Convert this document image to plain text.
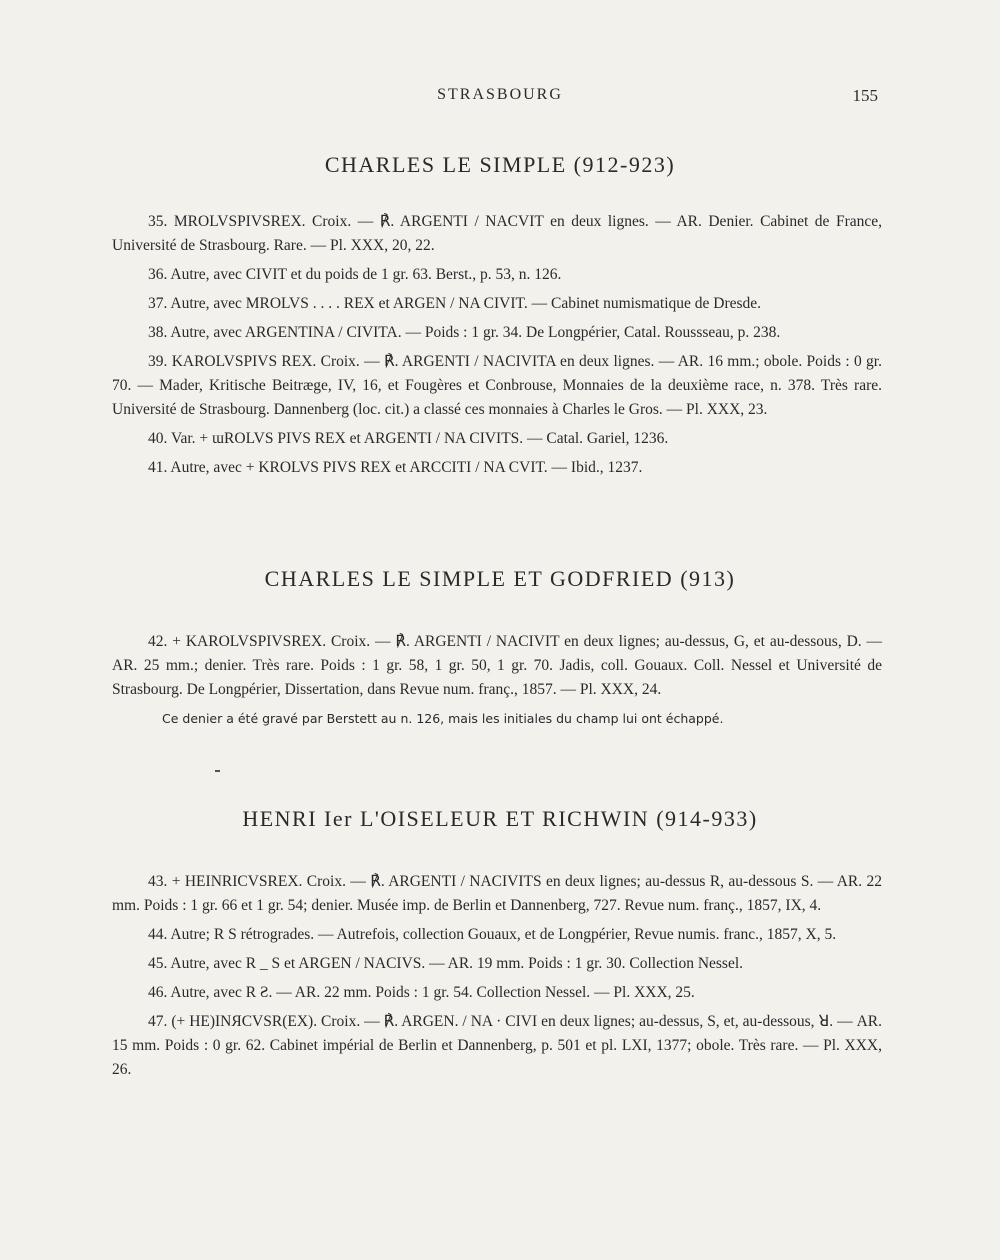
STRASBOURG	155
CHARLES LE SIMPLE (912-923)

35. MROLVSPIVSREX. Croix. — ℟. ARGENTI / NACVIT en deux lignes. — AR. Denier. Cabinet de France, Université de Strasbourg. Rare. — Pl. XXX, 20, 22.

36. Autre, avec CIVIT et du poids de 1 gr. 63. Berst., p. 53, n. 126.

37. Autre, avec MROLVS . . . . REX et ARGEN / NA CIVIT. — Cabinet numismatique de Dresde.

38. Autre, avec ARGENTINA / CIVITA. — Poids : 1 gr. 34. De Longpérier, Catal. Roussseau, p. 238.

39. KAROLVSPIVS REX. Croix. — ℟. ARGENTI / NACIVITA en deux lignes. — AR. 16 mm.; obole. Poids : 0 gr. 70. — Mader, Kritische Beitræge, IV, 16, et Fougères et Conbrouse, Monnaies de la deuxième race, n. 378. Très rare. Université de Strasbourg. Dannenberg (loc. cit.) a classé ces monnaies à Charles le Gros. — Pl. XXX, 23.

40. Var. + ɯROLVS PIVS REX et ARGENTI / NA CIVITS. — Catal. Gariel, 1236.

41. Autre, avec + KROLVS PIVS REX et ARCCITI / NA CVIT. — Ibid., 1237.

CHARLES LE SIMPLE ET GODFRIED (913)

42. + KAROLVSPIVSREX. Croix. — ℟. ARGENTI / NACIVIT en deux lignes; au-dessus, G, et au-dessous, D. — AR. 25 mm.; denier. Très rare. Poids : 1 gr. 58, 1 gr. 50, 1 gr. 70. Jadis, coll. Gouaux. Coll. Nessel et Université de Strasbourg. De Longpérier, Dissertation, dans Revue num. franç., 1857. — Pl. XXX, 24.

Ce denier a été gravé par Berstett au n. 126, mais les initiales du champ lui ont échappé.

HENRI Ier L'OISELEUR ET RICHWIN (914-933)

43. + HEINRICVSREX. Croix. — ℟. ARGENTI / NACIVITS en deux lignes; au-dessus R, au-dessous S. — AR. 22 mm. Poids : 1 gr. 66 et 1 gr. 54; denier. Musée imp. de Berlin et Dannenberg, 727. Revue num. franç., 1857, IX, 4.

44. Autre; R S rétrogrades. — Autrefois, collection Gouaux, et de Longpérier, Revue numis. franc., 1857, X, 5.

45. Autre, avec R _ S et ARGEN / NACIVS. — AR. 19 mm. Poids : 1 gr. 30. Collection Nessel.

46. Autre, avec R Ƨ. — AR. 22 mm. Poids : 1 gr. 54. Collection Nessel. — Pl. XXX, 25.

47. (+ HE)INЯCVSR(EX). Croix. — ℟. ARGEN. / NA · CIVI en deux lignes; au-dessus, S, et, au-dessous, ꓤ. — AR. 15 mm. Poids : 0 gr. 62. Cabinet impérial de Berlin et Dannenberg, p. 501 et pl. LXI, 1377; obole. Très rare. — Pl. XXX, 26.
